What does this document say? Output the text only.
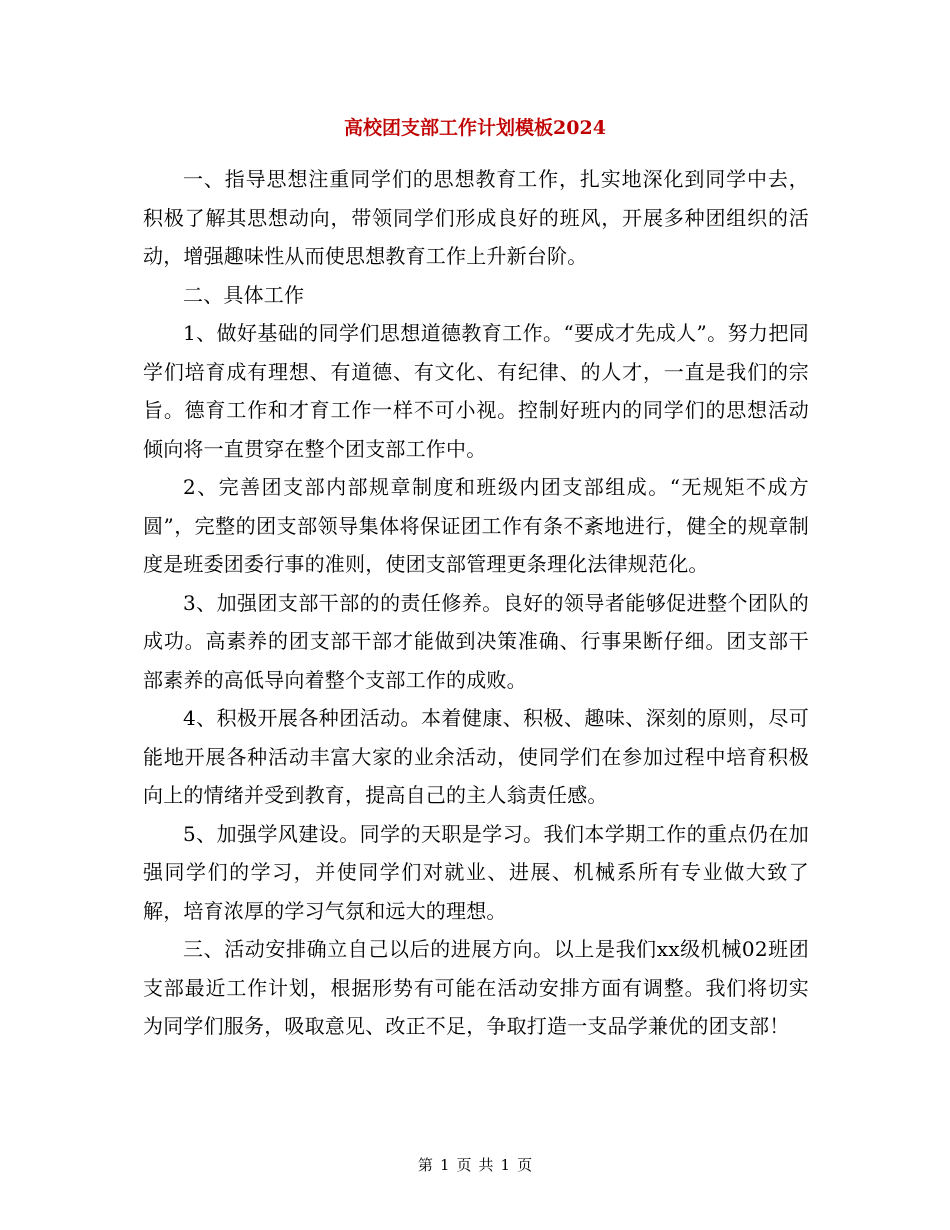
高校团支部工作计划模板2024

一、指导思想注重同学们的思想教育工作，扎实地深化到同学中去，积极了解其思想动向，带领同学们形成良好的班风，开展多种团组织的活动，增强趣味性从而使思想教育工作上升新台阶。

二、具体工作

1、做好基础的同学们思想道德教育工作。“要成才先成人”。努力把同学们培育成有理想、有道德、有文化、有纪律、的人才，一直是我们的宗旨。德育工作和才育工作一样不可小视。控制好班内的同学们的思想活动倾向将一直贯穿在整个团支部工作中。

2、完善团支部内部规章制度和班级内团支部组成。“无规矩不成方圆”，完整的团支部领导集体将保证团工作有条不紊地进行，健全的规章制度是班委团委行事的准则，使团支部管理更条理化法律规范化。

3、加强团支部干部的的责任修养。良好的领导者能够促进整个团队的成功。高素养的团支部干部才能做到决策准确、行事果断仔细。团支部干部素养的高低导向着整个支部工作的成败。

4、积极开展各种团活动。本着健康、积极、趣味、深刻的原则，尽可能地开展各种活动丰富大家的业余活动，使同学们在参加过程中培育积极向上的情绪并受到教育，提高自己的主人翁责任感。

5、加强学风建设。同学的天职是学习。我们本学期工作的重点仍在加强同学们的学习，并使同学们对就业、进展、机械系所有专业做大致了解，培育浓厚的学习气氛和远大的理想。

三、活动安排确立自己以后的进展方向。以上是我们xx级机械02班团支部最近工作计划，根据形势有可能在活动安排方面有调整。我们将切实为同学们服务，吸取意见、改正不足，争取打造一支品学兼优的团支部！

第 1 页 共 1 页
